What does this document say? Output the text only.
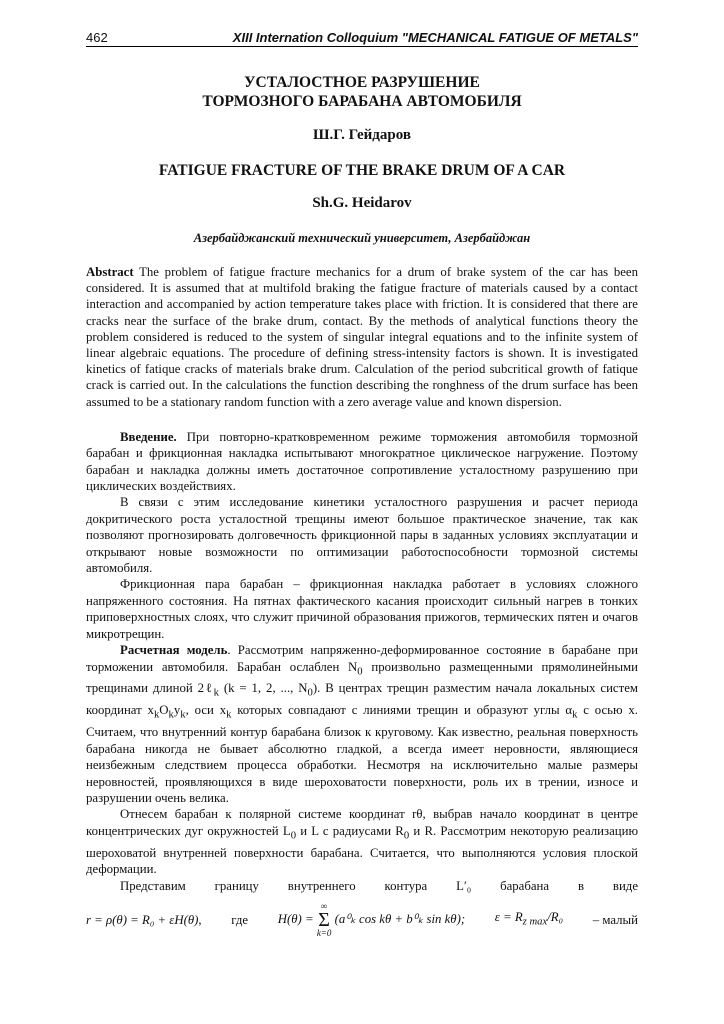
462	XIII Internation Colloquium "MECHANICAL FATIGUE OF METALS"
УСТАЛОСТНОЕ РАЗРУШЕНИЕ
ТОРМОЗНОГО БАРАБАНА АВТОМОБИЛЯ
Ш.Г. Гейдаров
FATIGUE FRACTURE OF THE BRAKE DRUM OF A CAR
Sh.G. Heidarov
Азербайджанский технический университет, Азербайджан

Abstract The problem of fatigue fracture mechanics for a drum of brake system of the car has been considered. It is assumed that at multifold braking the fatigue fracture of materials caused by a contact interaction and accompanied by action temperature takes place with friction. It is considered that there are cracks near the surface of the brake drum, contact. By the methods of analytical functions theory the problem considered is reduced to the system of singular integral equations and to the infinite system of linear algebraic equations. The procedure of defining stress-intensity factors is shown. It is investigated kinetics of fatique cracks of materials brake drum. Calculation of the period subcritical growth of fatique crack is carried out. In the calculations the function describing the ronghness of the drum surface has been assumed to be a stationary random function with a zero average value and known dispersion.

Введение. При повторно-кратковременном режиме торможения автомобиля тормозной барабан и фрикционная накладка испытывают многократное циклическое нагружение. Поэтому барабан и накладка должны иметь достаточное сопротивление усталостному разрушению при циклических воздействиях.

В связи с этим исследование кинетики усталостного разрушения и расчет периода докритического роста усталостной трещины имеют большое практическое значение, так как позволяют прогнозировать долговечность фрикционной пары в заданных условиях эксплуатации и открывают новые возможности по оптимизации работоспособности тормозной системы автомобиля.

Фрикционная пара барабан – фрикционная накладка работает в условиях сложного напряженного состояния. На пятнах фактического касания происходит сильный нагрев в тонких приповерхностных слоях, что служит причиной образования прижогов, термических пятен и очагов микротрещин.

Расчетная модель. Рассмотрим напряженно-деформированное состояние в барабане при торможении автомобиля. Барабан ослаблен $N_0$ произвольно размещенными прямолинейными трещинами длиной 2ℓ$_k$ (k = 1, 2, ..., $N_0$). В центрах трещин разместим начала локальных систем координат $x_kO_ky_k$, оси $x_k$ которых совпадают с линиями трещин и образуют углы $\alpha_k$ с осью x. Считаем, что внутренний контур барабана близок к круговому. Как известно, реальная поверхность барабана никогда не бывает абсолютно гладкой, а всегда имеет неровности, являющиеся неизбежным следствием процесса обработки. Несмотря на исключительно малые размеры неровностей, проявляющихся в виде шероховатости поверхности, роль их в трении, износе и разрушении очень велика.

Отнесем барабан к полярной системе координат rθ, выбрав начало координат в центре концентрических дуг окружностей $L_0$ и L с радиусами $R_0$ и R. Рассмотрим некоторую реализацию шероховатой внутренней поверхности барабана. Считается, что выполняются условия плоской деформации.

Представим границу внутреннего контура L′₀ барабана в виде

r = ρ(θ) = R₀ + εH(θ), где H(θ) =
∞
Σ
k=0
(a⁰ₖ cos kθ + b⁰ₖ sin kθ); $\varepsilon = R_{z max}/R_0$ – малый
